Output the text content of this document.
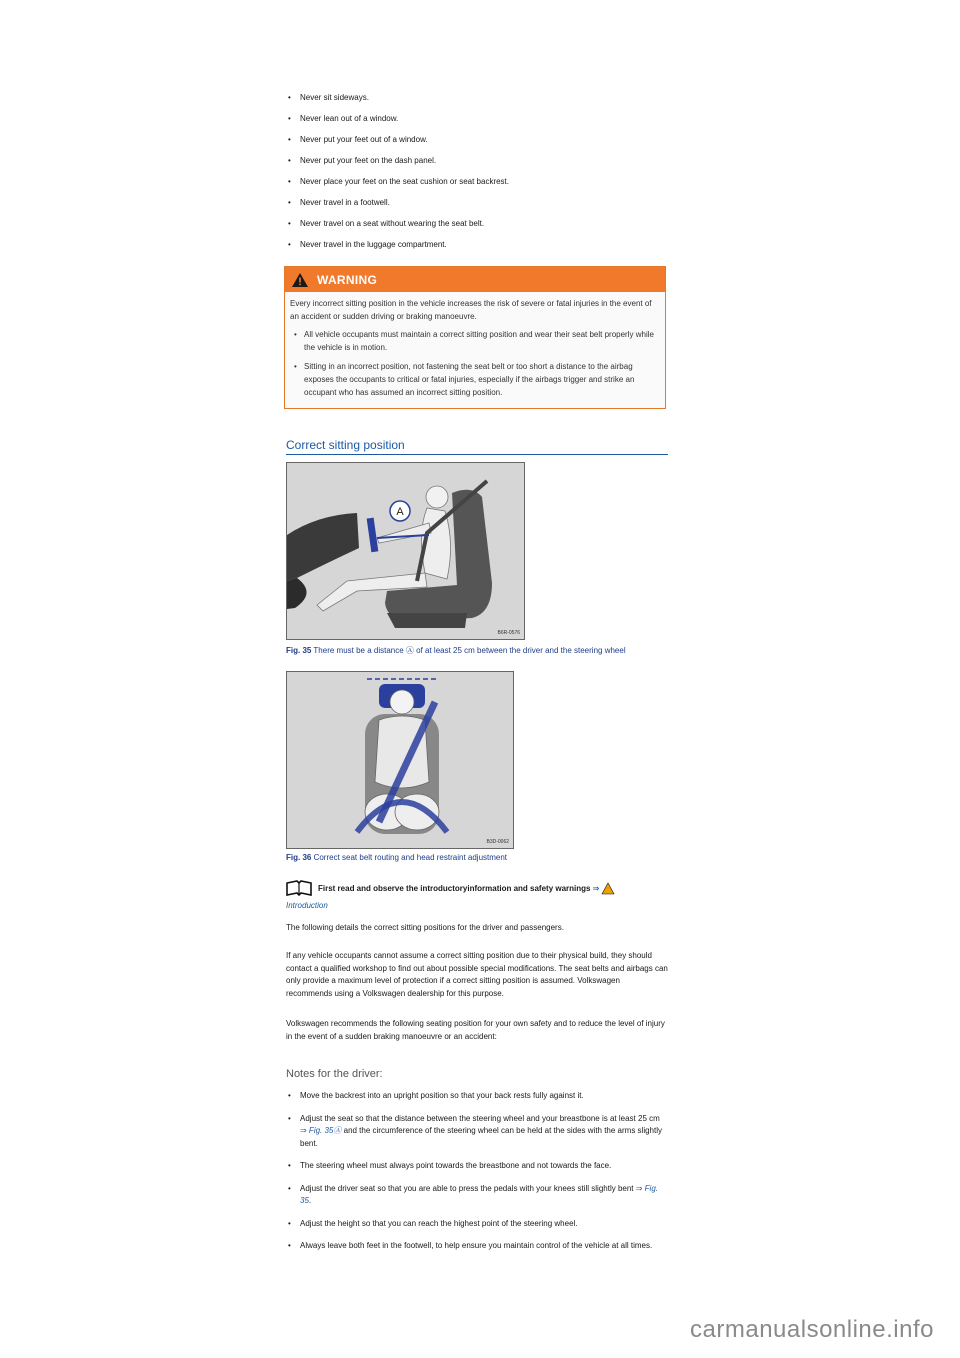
• Never sit sideways.
• Never lean out of a window.
• Never put your feet out of a window.
• Never put your feet on the dash panel.
• Never place your feet on the seat cushion or seat backrest.
• Never travel in a footwell.
• Never travel on a seat without wearing the seat belt.
• Never travel in the luggage compartment.
WARNING

Every incorrect sitting position in the vehicle increases the risk of severe or fatal injuries in the event of an accident or sudden driving or braking manoeuvre.

• All vehicle occupants must maintain a correct sitting position and wear their seat belt properly while the vehicle is in motion.
• Sitting in an incorrect position, not fastening the seat belt or too short a distance to the airbag exposes the occupants to critical or fatal injuries, especially if the airbags trigger and strike an occupant who has assumed an incorrect sitting position.
Correct sitting position
A
B6R-0576
Fig. 35 There must be a distance Ⓐ of at least 25 cm between the driver and the steering wheel
B3D-0062
Fig. 36 Correct seat belt routing and head restraint adjustment
First read and observe the introductoryinformation and safety warnings ⇒
Introduction

The following details the correct sitting positions for the driver and passengers.

If any vehicle occupants cannot assume a correct sitting position due to their physical build, they should contact a qualified workshop to find out about possible special modifications. The seat belts and airbags can only provide a maximum level of protection if a correct sitting position is assumed. Volkswagen recommends using a Volkswagen dealership for this purpose.

Volkswagen recommends the following seating position for your own safety and to reduce the level of injury in the event of a sudden braking manoeuvre or an accident:

Notes for the driver:
• Move the backrest into an upright position so that your back rests fully against it.
• Adjust the seat so that the distance between the steering wheel and your breastbone is at least 25 cm ⇒ Fig. 35Ⓐ and the circumference of the steering wheel can be held at the sides with the arms slightly bent.
• The steering wheel must always point towards the breastbone and not towards the face.
• Adjust the driver seat so that you are able to press the pedals with your knees still slightly bent ⇒ Fig. 35.
• Adjust the height so that you can reach the highest point of the steering wheel.
• Always leave both feet in the footwell, to help ensure you maintain control of the vehicle at all times.
carmanualsonline.info
